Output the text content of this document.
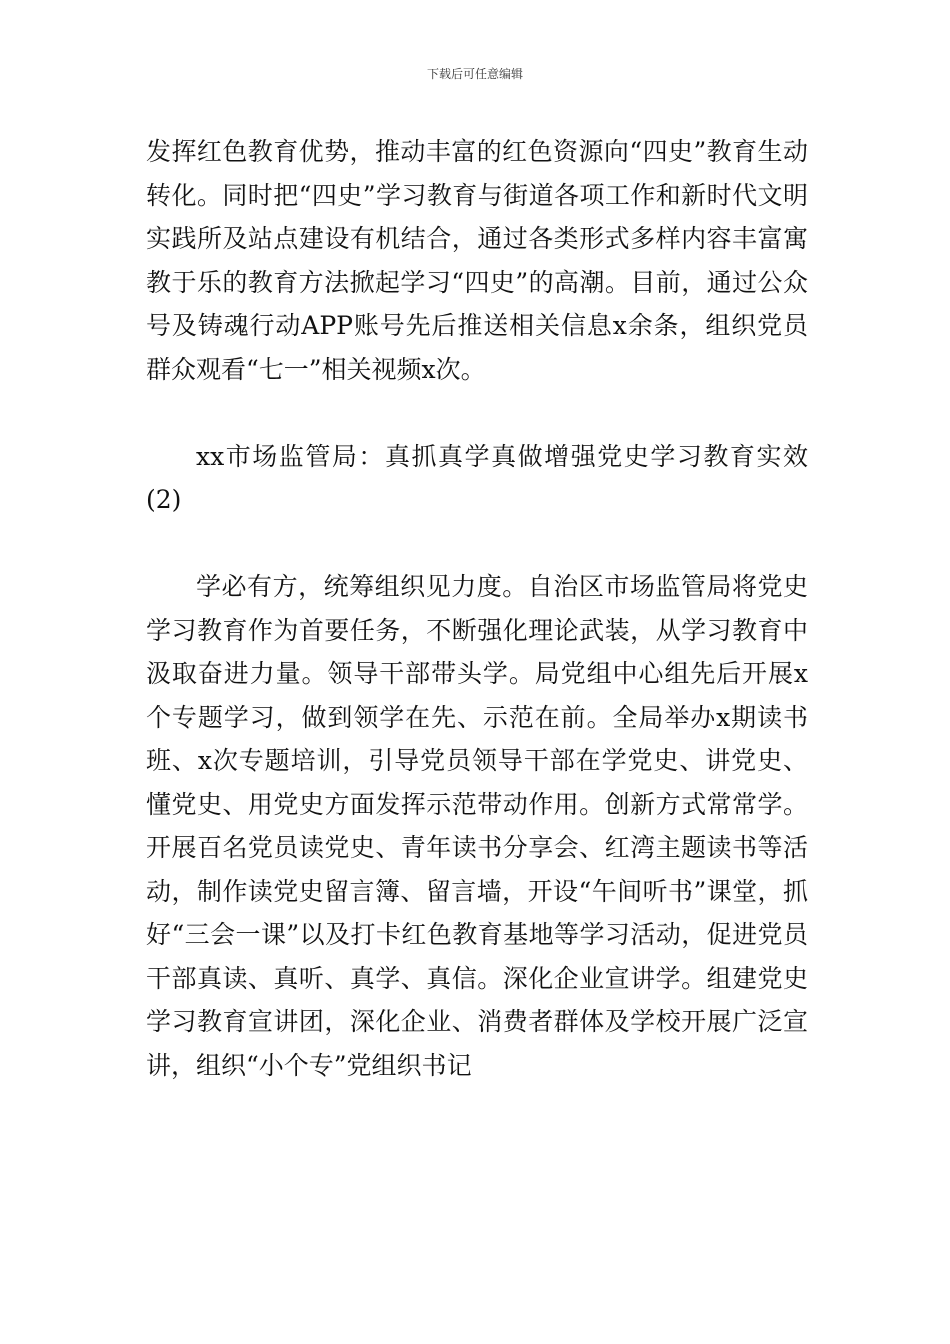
下载后可任意编辑

发挥红色教育优势，推动丰富的红色资源向“四史”教育生动转化。同时把“四史”学习教育与街道各项工作和新时代文明实践所及站点建设有机结合，通过各类形式多样内容丰富寓教于乐的教育方法掀起学习“四史”的高潮。目前，通过公众号及铸魂行动APP账号先后推送相关信息x余条，组织党员群众观看“七一”相关视频x次。

xx市场监管局：真抓真学真做增强党史学习教育实效(2)

学必有方，统筹组织见力度。自治区市场监管局将党史学习教育作为首要任务，不断强化理论武装，从学习教育中汲取奋进力量。领导干部带头学。局党组中心组先后开展x个专题学习，做到领学在先、示范在前。全局举办x期读书班、x次专题培训，引导党员领导干部在学党史、讲党史、懂党史、用党史方面发挥示范带动作用。创新方式常常学。开展百名党员读党史、青年读书分享会、红湾主题读书等活动，制作读党史留言簿、留言墙，开设“午间听书”课堂，抓好“三会一课”以及打卡红色教育基地等学习活动，促进党员干部真读、真听、真学、真信。深化企业宣讲学。组建党史学习教育宣讲团，深化企业、消费者群体及学校开展广泛宣讲，组织“小个专”党组织书记
